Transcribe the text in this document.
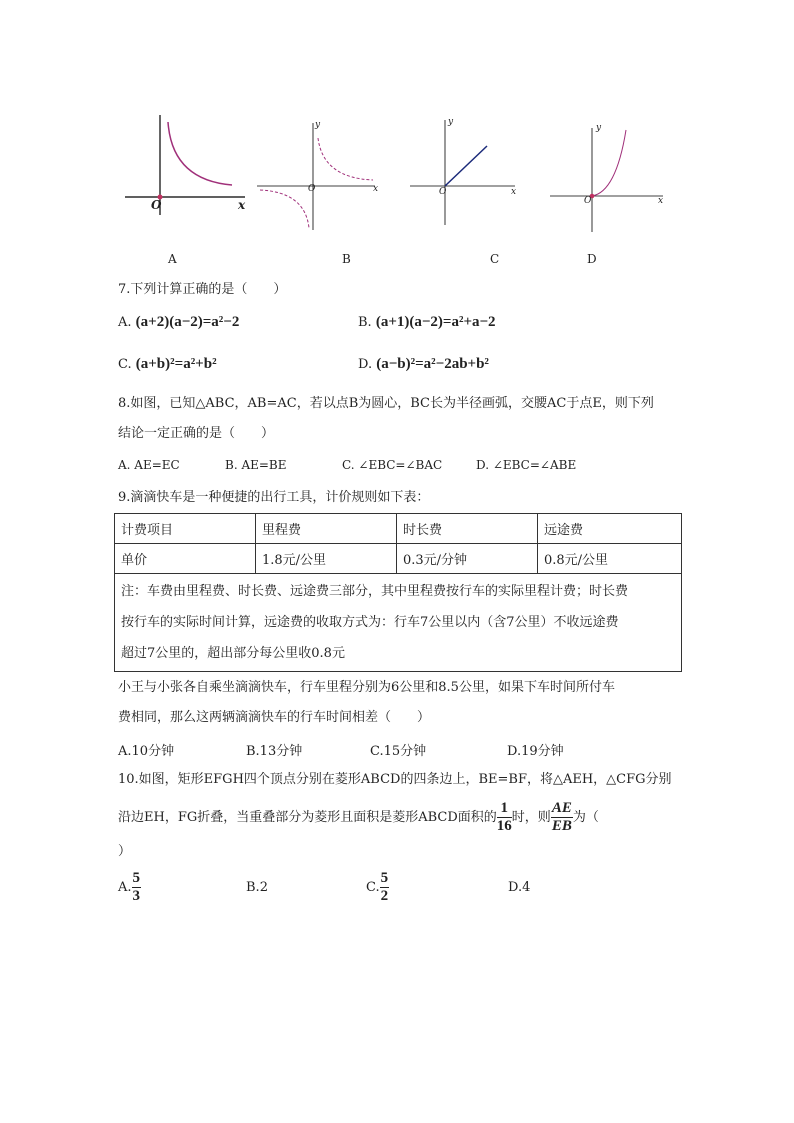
O	x
y
O	x
y
O	x
y
O	x
A	B	C	D
7.下列计算正确的是（　　）
A. (a+2)(a−2)=a²−2	B. (a+1)(a−2)=a²+a−2
C. (a+b)²=a²+b²	D. (a−b)²=a²−2ab+b²
8.如图，已知△ABC，AB=AC，若以点B为圆心，BC长为半径画弧，交腰AC于点E，则下列
结论一定正确的是（　　）
A. AE=EC	B. AE=BE	C. ∠EBC=∠BAC	D. ∠EBC=∠ABE
9.滴滴快车是一种便捷的出行工具，计价规则如下表：
计费项目	里程费	时长费	远途费
单价	1.8元/公里	0.3元/分钟	0.8元/公里

注：车费由里程费、时长费、远途费三部分，其中里程费按行车的实际里程计费；时长费
按行车的实际时间计算，远途费的收取方式为：行车7公里以内（含7公里）不收远途费
超过7公里的，超出部分每公里收0.8元			
小王与小张各自乘坐滴滴快车，行车里程分别为6公里和8.5公里，如果下车时间所付车
费相同，那么这两辆滴滴快车的行车时间相差（　　）
A.10分钟	B.13分钟	C.15分钟	D.19分钟
10.如图，矩形EFGH四个顶点分别在菱形ABCD的四条边上，BE=BF，将△AEH，△CFG分别
沿边EH，FG折叠，当重叠部分为菱形且面积是菱形ABCD面积的 $\frac{1}{16}$ 时，则 $\frac{AE}{EB}$ 为（
）
A. $\frac{5}{3}$	B.2	C. $\frac{5}{2}$	D.4
